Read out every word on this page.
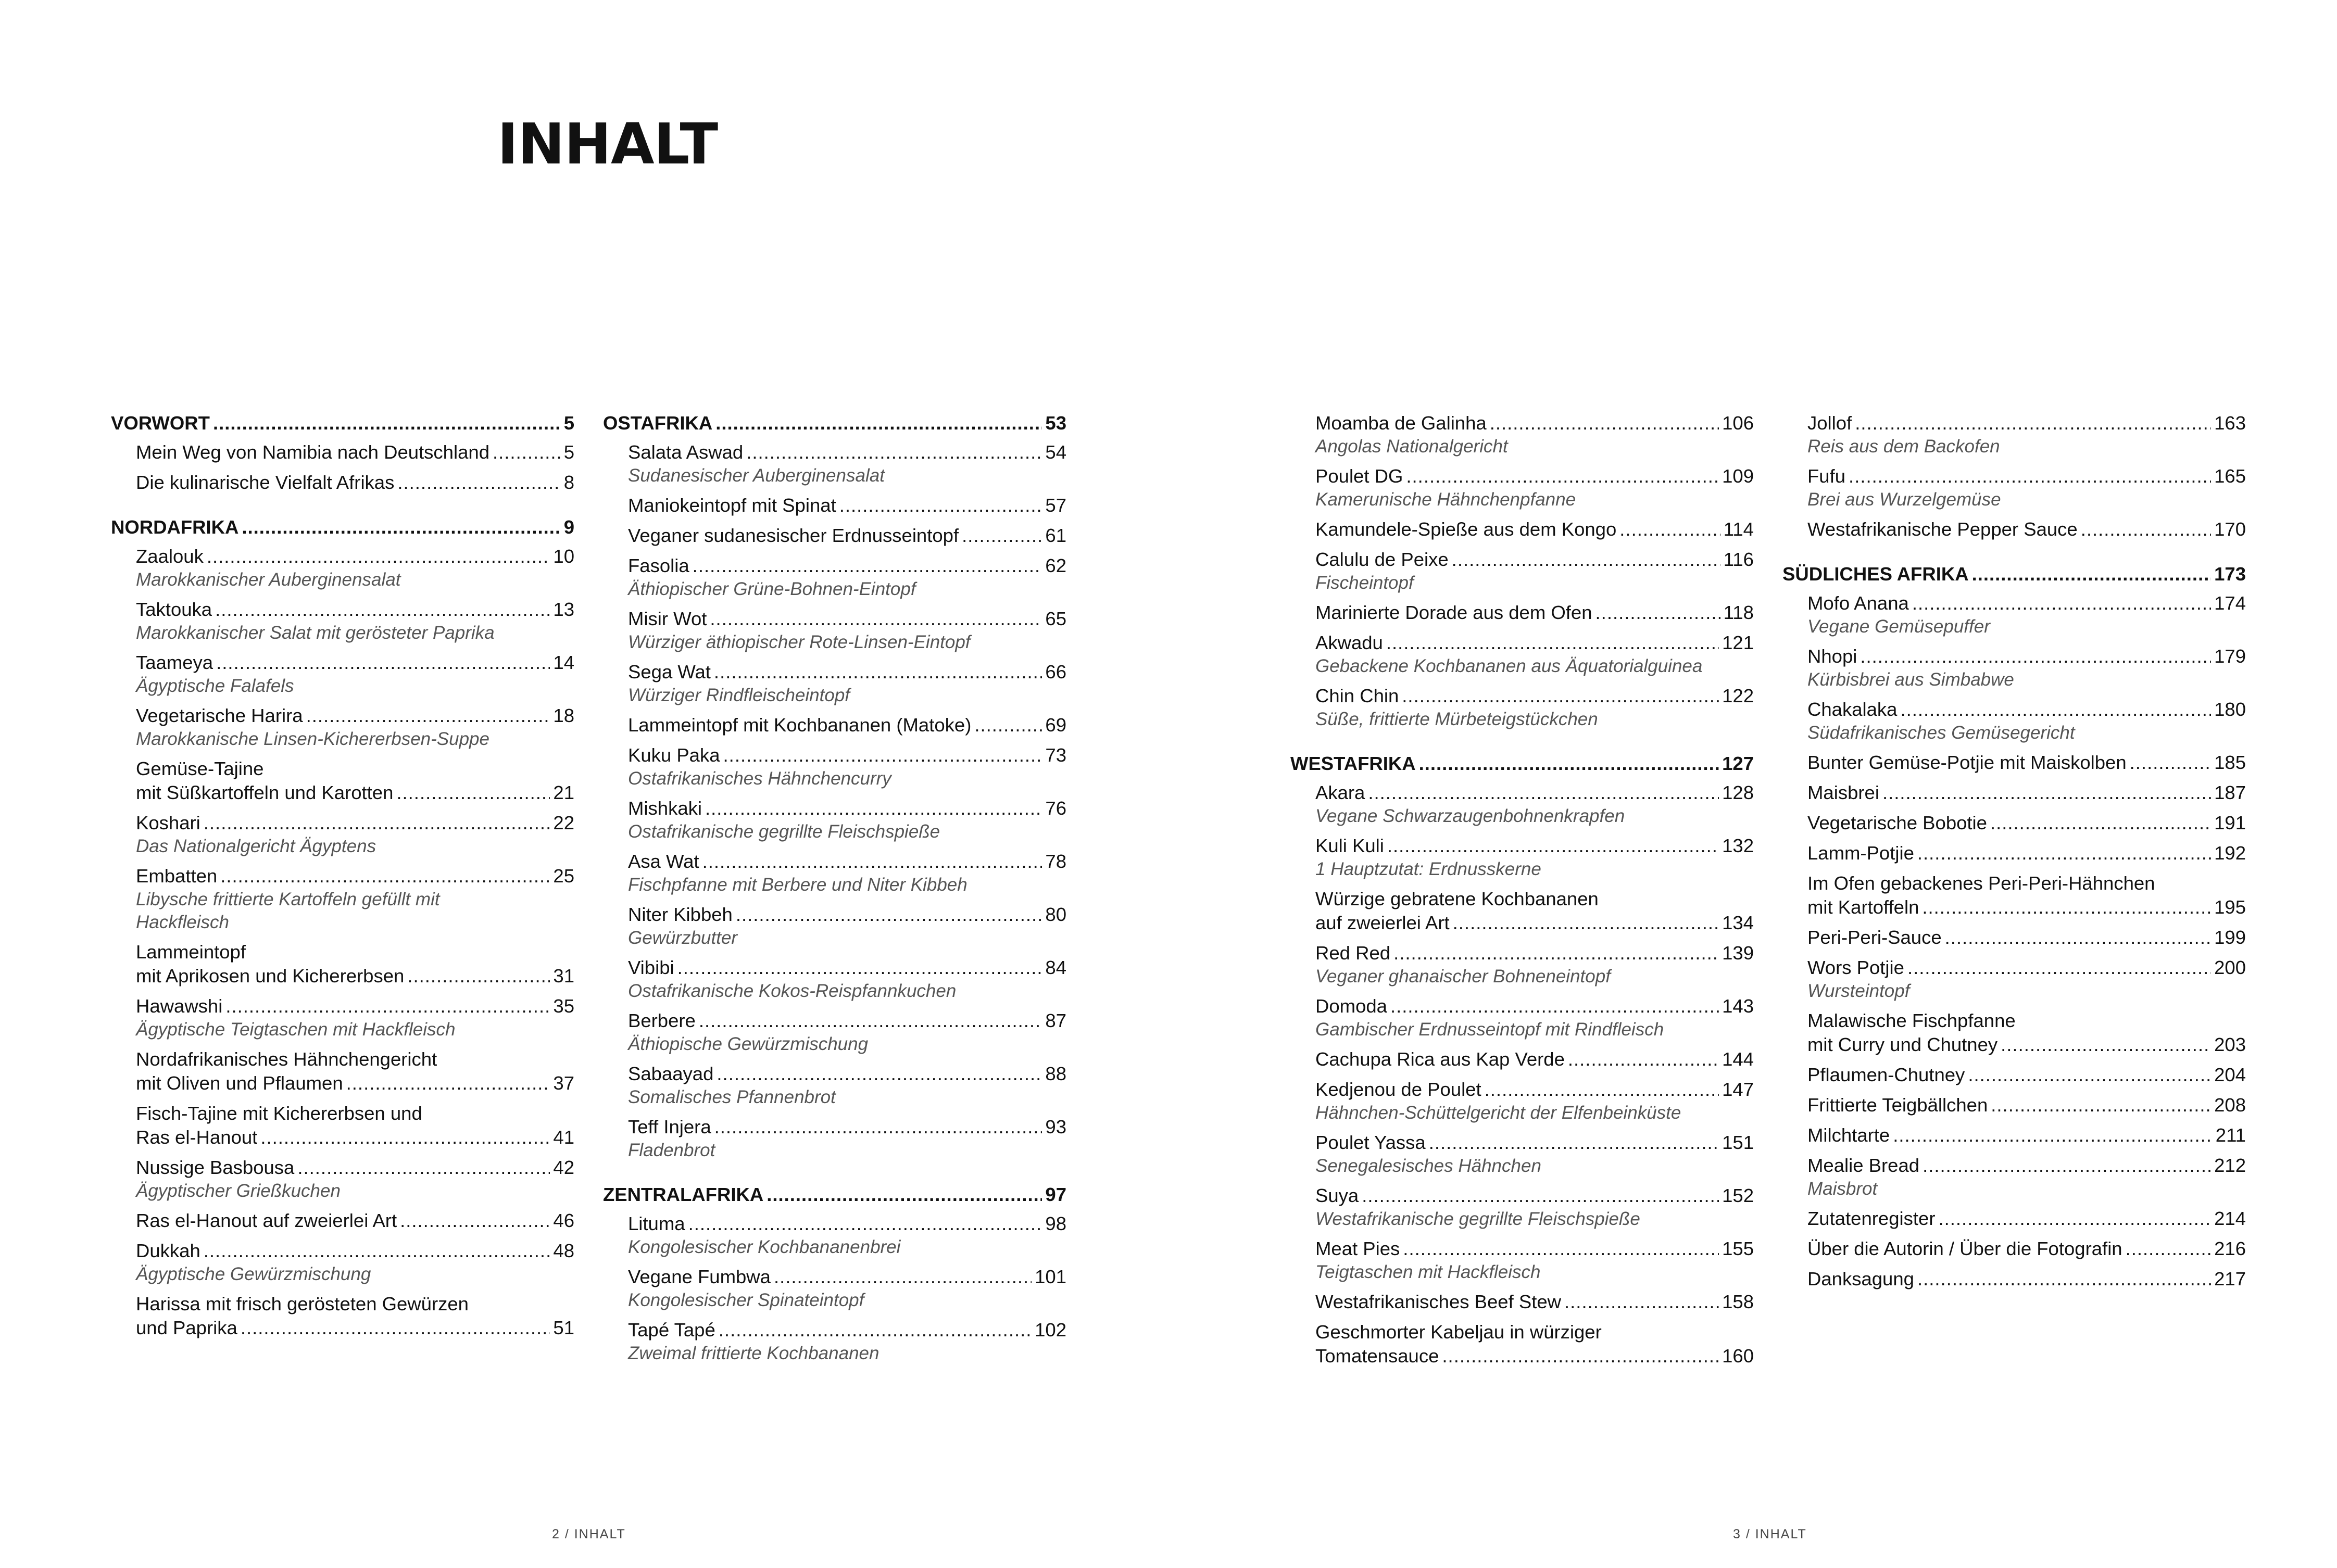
INHALT
VORWORT .....	5
Mein Weg von Namibia nach Deutschland .....	5
Die kulinarische Vielfalt Afrikas .....	8
NORDAFRIKA .....	9
Zaalouk .....	10
Marokkanischer Auberginensalat
Taktouka .....	13
Marokkanischer Salat mit gerösteter Paprika
Taameya .....	14
Ägyptische Falafels
Vegetarische Harira .....	18
Marokkanische Linsen-Kichererbsen-Suppe
Gemüse-Tajine
mit Süßkartoffeln und Karotten .....	21
Koshari .....	22
Das Nationalgericht Ägyptens
Embatten .....	25
Libysche frittierte Kartoffeln gefüllt mit Hackfleisch
Lammeintopf
mit Aprikosen und Kichererbsen .....	31
Hawawshi .....	35
Ägyptische Teigtaschen mit Hackfleisch
Nordafrikanisches Hähnchengericht
mit Oliven und Pflaumen .....	37
Fisch-Tajine mit Kichererbsen und
Ras el-Hanout .....	41
Nussige Basbousa .....	42
Ägyptischer Grießkuchen
Ras el-Hanout auf zweierlei Art .....	46
Dukkah .....	48
Ägyptische Gewürzmischung
Harissa mit frisch gerösteten Gewürzen
und Paprika .....	51
OSTAFRIKA .....	53
Salata Aswad .....	54
Sudanesischer Auberginensalat
Maniokeintopf mit Spinat .....	57
Veganer sudanesischer Erdnusseintopf .....	61
Fasolia .....	62
Äthiopischer Grüne-Bohnen-Eintopf
Misir Wot .....	65
Würziger äthiopischer Rote-Linsen-Eintopf
Sega Wat .....	66
Würziger Rindfleischeintopf
Lammeintopf mit Kochbananen (Matoke) .....	69
Kuku Paka .....	73
Ostafrikanisches Hähnchencurry
Mishkaki .....	76
Ostafrikanische gegrillte Fleischspieße
Asa Wat .....	78
Fischpfanne mit Berbere und Niter Kibbeh
Niter Kibbeh .....	80
Gewürzbutter
Vibibi .....	84
Ostafrikanische Kokos-Reispfannkuchen
Berbere .....	87
Äthiopische Gewürzmischung
Sabaayad .....	88
Somalisches Pfannenbrot
Teff Injera .....	93
Fladenbrot
ZENTRALAFRIKA .....	97
Lituma .....	98
Kongolesischer Kochbananenbrei
Vegane Fumbwa .....	101
Kongolesischer Spinateintopf
Tapé Tapé .....	102
Zweimal frittierte Kochbananen
Moamba de Galinha .....	106
Angolas Nationalgericht
Poulet DG .....	109
Kamerunische Hähnchenpfanne
Kamundele-Spieße aus dem Kongo .....	114
Calulu de Peixe .....	116
Fischeintopf
Marinierte Dorade aus dem Ofen .....	118
Akwadu .....	121
Gebackene Kochbananen aus Äquatorialguinea
Chin Chin .....	122
Süße, frittierte Mürbeteigstückchen
WESTAFRIKA .....	127
Akara .....	128
Vegane Schwarzaugenbohnenkrapfen
Kuli Kuli .....	132
1 Hauptzutat: Erdnusskerne
Würzige gebratene Kochbananen
auf zweierlei Art .....	134
Red Red .....	139
Veganer ghanaischer Bohneneintopf
Domoda .....	143
Gambischer Erdnusseintopf mit Rindfleisch
Cachupa Rica aus Kap Verde .....	144
Kedjenou de Poulet .....	147
Hähnchen-Schüttelgericht der Elfenbeinküste
Poulet Yassa .....	151
Senegalesisches Hähnchen
Suya .....	152
Westafrikanische gegrillte Fleischspieße
Meat Pies .....	155
Teigtaschen mit Hackfleisch
Westafrikanisches Beef Stew .....	158
Geschmorter Kabeljau in würziger
Tomatensauce .....	160
Jollof .....	163
Reis aus dem Backofen
Fufu .....	165
Brei aus Wurzelgemüse
Westafrikanische Pepper Sauce .....	170
SÜDLICHES AFRIKA .....	173
Mofo Anana .....	174
Vegane Gemüsepuffer
Nhopi .....	179
Kürbisbrei aus Simbabwe
Chakalaka .....	180
Südafrikanisches Gemüsegericht
Bunter Gemüse-Potjie mit Maiskolben .....	185
Maisbrei .....	187
Vegetarische Bobotie .....	191
Lamm-Potjie .....	192
Im Ofen gebackenes Peri-Peri-Hähnchen
mit Kartoffeln .....	195
Peri-Peri-Sauce .....	199
Wors Potjie .....	200
Wursteintopf
Malawische Fischpfanne
mit Curry und Chutney .....	203
Pflaumen-Chutney .....	204
Frittierte Teigbällchen .....	208
Milchtarte .....	211
Mealie Bread .....	212
Maisbrot
Zutatenregister .....	214
Über die Autorin / Über die Fotografin .....	216
Danksagung .....	217
2 / INHALT	3 / INHALT
